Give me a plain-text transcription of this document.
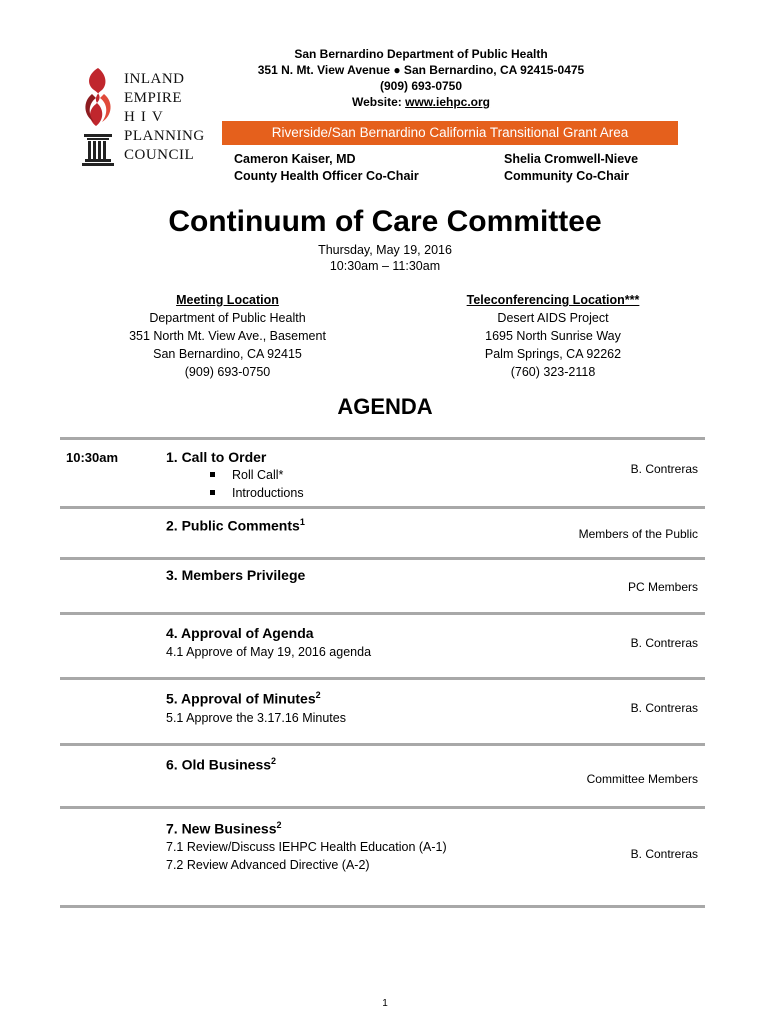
INLAND
EMPIRE
HIV
PLANNING
COUNCIL
San Bernardino Department of Public Health
351 N. Mt. View Avenue ● San Bernardino, CA 92415-0475
(909) 693-0750
Website: www.iehpc.org
Riverside/San Bernardino California Transitional Grant Area
Cameron Kaiser, MD
County Health Officer Co-Chair
Shelia Cromwell-Nieve
Community Co-Chair
Continuum of Care Committee
Thursday, May 19, 2016
10:30am – 11:30am
Meeting Location
Department of Public Health
351 North Mt. View Ave., Basement
San Bernardino, CA 92415
(909) 693-0750
Teleconferencing Location***
Desert AIDS Project
1695 North Sunrise Way
Palm Springs, CA 92262
(760) 323-2118
AGENDA
10:30am	1. Call to Order
Roll Call*
Introductions
B. Contreras
2. Public Comments$^1$
Members of the Public
3. Members Privilege
PC Members
4. Approval of Agenda
4.1 Approve of May 19, 2016 agenda
B. Contreras
5. Approval of Minutes$^2$
5.1 Approve the 3.17.16 Minutes
B. Contreras
6. Old Business$^2$
Committee Members
7. New Business$^2$
7.1 Review/Discuss IEHPC Health Education (A-1)
7.2 Review Advanced Directive (A-2)
B. Contreras
1
